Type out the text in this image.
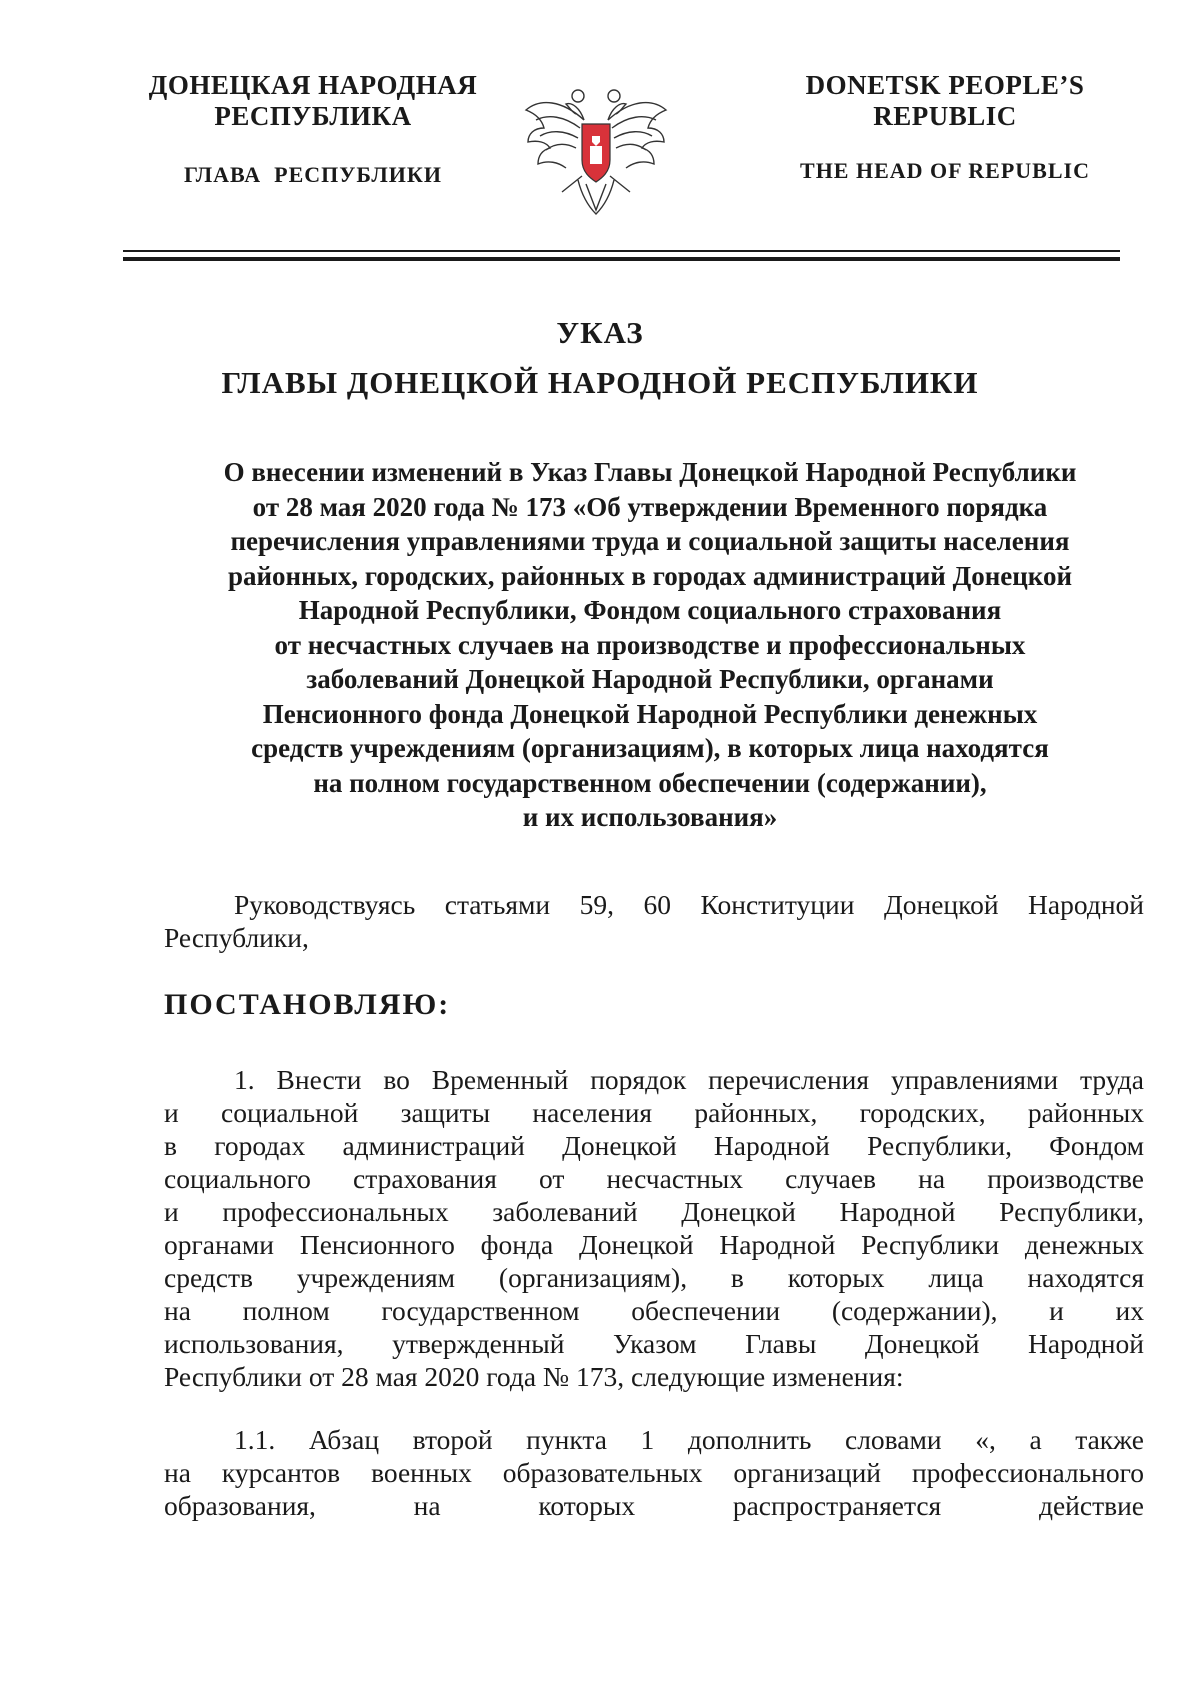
ДОНЕЦКАЯ НАРОДНАЯ
РЕСПУБЛИКА
ГЛАВА  РЕСПУБЛИКИ
DONETSK PEOPLE’S
REPUBLIC
THE HEAD OF REPUBLIC
УКАЗ
ГЛАВЫ ДОНЕЦКОЙ НАРОДНОЙ РЕСПУБЛИКИ
О внесении изменений в Указ Главы Донецкой Народной Республики
от 28 мая 2020 года № 173 «Об утверждении Временного порядка
перечисления управлениями труда и социальной защиты населения
районных, городских, районных в городах администраций Донецкой
Народной Республики, Фондом социального страхования
от несчастных случаев на производстве и профессиональных
заболеваний Донецкой Народной Республики, органами
Пенсионного фонда Донецкой Народной Республики денежных
средств учреждениям (организациям), в которых лица находятся
на полном государственном обеспечении (содержании),
и их использования»
Руководствуясь статьями 59, 60 Конституции Донецкой Народной
Республики,
ПОСТАНОВЛЯЮ:
1. Внести во Временный порядок перечисления управлениями труда
и социальной защиты населения районных, городских, районных
в городах администраций Донецкой Народной Республики, Фондом
социального страхования от несчастных случаев на производстве
и профессиональных заболеваний Донецкой Народной Республики,
органами Пенсионного фонда Донецкой Народной Республики денежных
средств учреждениям (организациям), в которых лица находятся
на полном государственном обеспечении (содержании), и их
использования, утвержденный Указом Главы Донецкой Народной
Республики от 28 мая 2020 года № 173, следующие изменения:
1.1. Абзац второй пункта 1 дополнить словами «, а также
на курсантов военных образовательных организаций профессионального
образования, на которых распространяется действие
